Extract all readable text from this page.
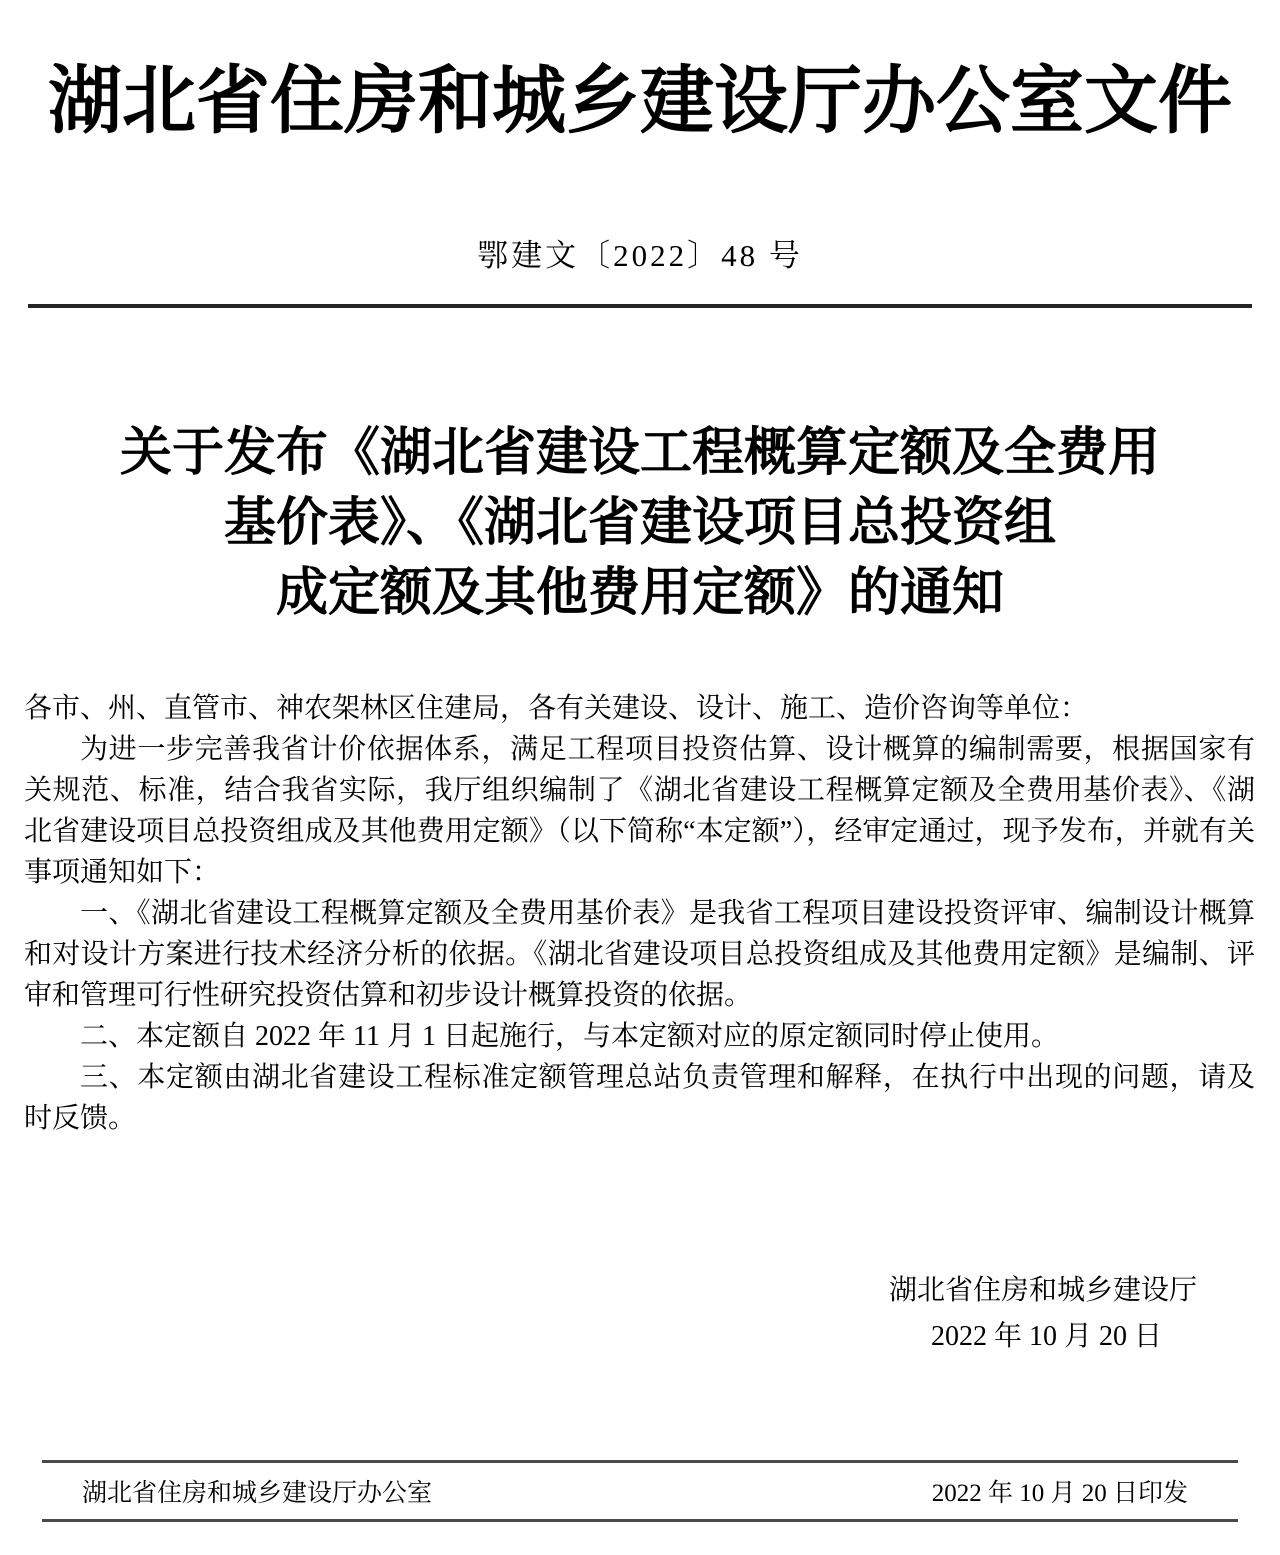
湖北省住房和城乡建设厅办公室文件
鄂建文〔2022〕48 号
关于发布《湖北省建设工程概算定额及全费用
基价表》、《湖北省建设项目总投资组
成定额及其他费用定额》的通知

各市、州、直管市、神农架林区住建局，各有关建设、设计、施工、造价咨询等单位：

为进一步完善我省计价依据体系，满足工程项目投资估算、设计概算的编制需要，根据国家有关规范、标准，结合我省实际，我厅组织编制了《湖北省建设工程概算定额及全费用基价表》、《湖北省建设项目总投资组成及其他费用定额》（以下简称“本定额”），经审定通过，现予发布，并就有关事项通知如下：

一、《湖北省建设工程概算定额及全费用基价表》是我省工程项目建设投资评审、编制设计概算和对设计方案进行技术经济分析的依据。《湖北省建设项目总投资组成及其他费用定额》是编制、评审和管理可行性研究投资估算和初步设计概算投资的依据。

二、本定额自 2022 年 11 月 1 日起施行，与本定额对应的原定额同时停止使用。

三、本定额由湖北省建设工程标准定额管理总站负责管理和解释，在执行中出现的问题，请及时反馈。

湖北省住房和城乡建设厅
2022 年 10 月 20 日
湖北省住房和城乡建设厅办公室	2022 年 10 月 20 日印发
